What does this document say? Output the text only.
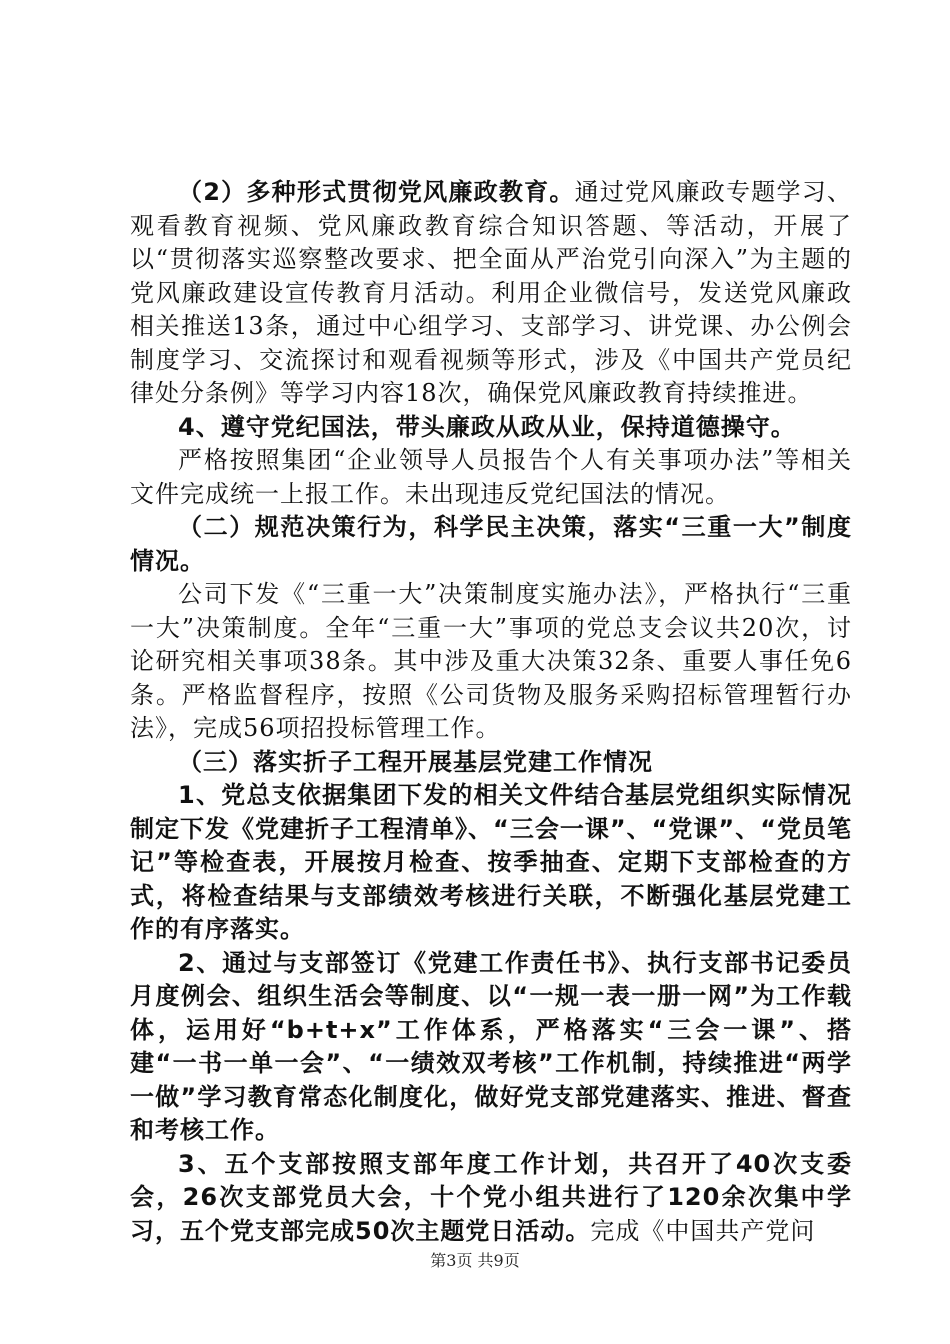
（2）多种形式贯彻党风廉政教育。通过党风廉政专题学习、观看教育视频、党风廉政教育综合知识答题、等活动，开展了以“贯彻落实巡察整改要求、把全面从严治党引向深入”为主题的党风廉政建设宣传教育月活动。利用企业微信号，发送党风廉政相关推送13条，通过中心组学习、支部学习、讲党课、办公例会制度学习、交流探讨和观看视频等形式，涉及《中国共产党员纪律处分条例》等学习内容18次，确保党风廉政教育持续推进。

4、遵守党纪国法，带头廉政从政从业，保持道德操守。

严格按照集团“企业领导人员报告个人有关事项办法”等相关文件完成统一上报工作。未出现违反党纪国法的情况。

（二）规范决策行为，科学民主决策，落实“三重一大”制度情况。

公司下发《“三重一大”决策制度实施办法》，严格执行“三重一大”决策制度。全年“三重一大”事项的党总支会议共20次，讨论研究相关事项38条。其中涉及重大决策32条、重要人事任免6条。严格监督程序，按照《公司货物及服务采购招标管理暂行办法》，完成56项招投标管理工作。

（三）落实折子工程开展基层党建工作情况

1、党总支依据集团下发的相关文件结合基层党组织实际情况制定下发《党建折子工程清单》、“三会一课”、“党课”、“党员笔记”等检查表，开展按月检查、按季抽查、定期下支部检查的方式，将检查结果与支部绩效考核进行关联，不断强化基层党建工作的有序落实。

2、通过与支部签订《党建工作责任书》、执行支部书记委员月度例会、组织生活会等制度、以“一规一表一册一网”为工作载体，运用好“b+t+x”工作体系，严格落实“三会一课”、搭建“一书一单一会”、“一绩效双考核”工作机制，持续推进“两学一做”学习教育常态化制度化，做好党支部党建落实、推进、督查和考核工作。

3、五个支部按照支部年度工作计划，共召开了40次支委会，26次支部党员大会，十个党小组共进行了120余次集中学习，五个党支部完成50次主题党日活动。完成《中国共产党问

第3页 共9页
